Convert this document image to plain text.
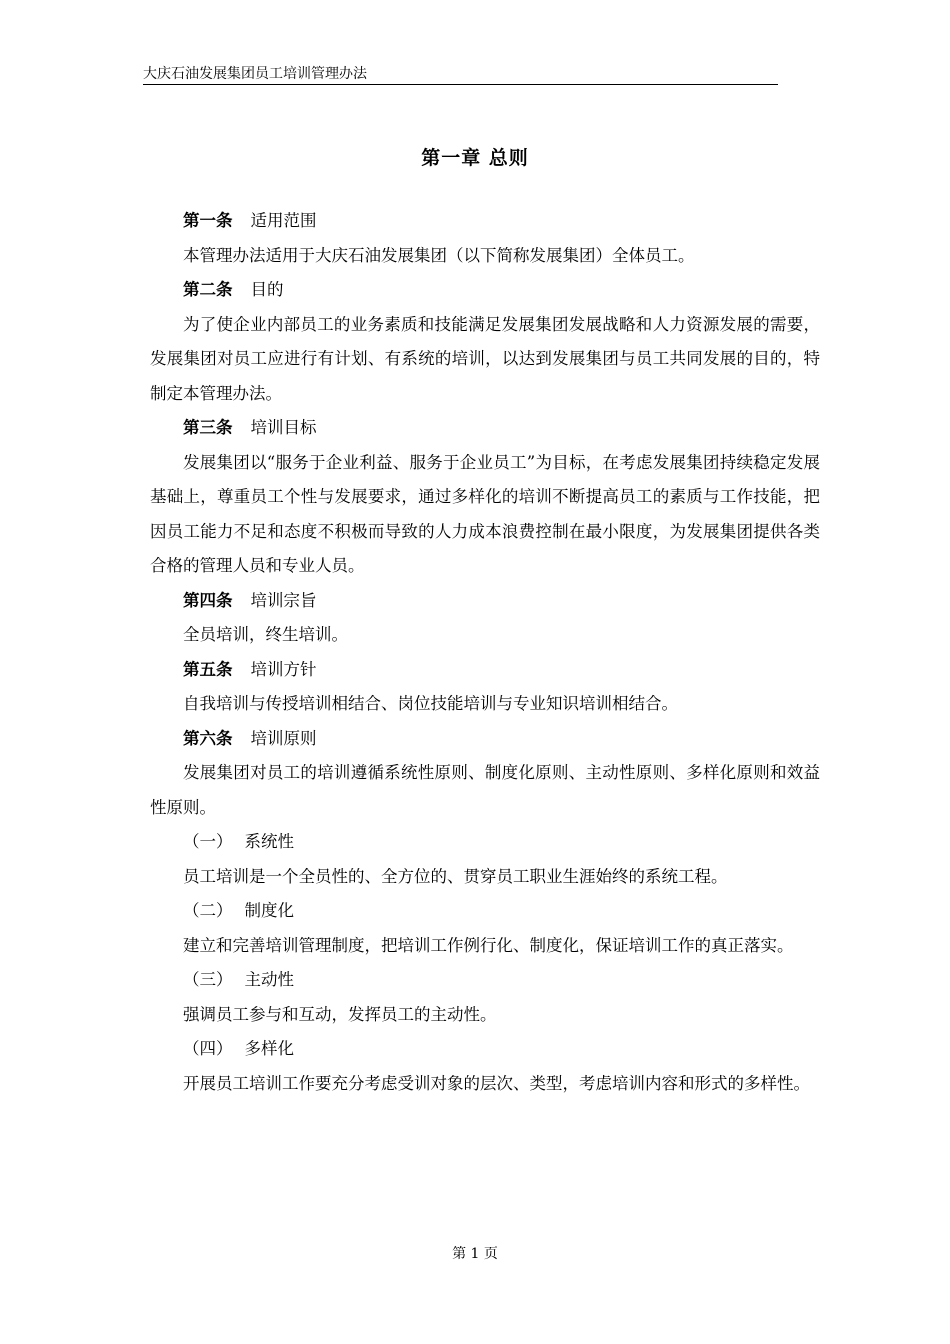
大庆石油发展集团员工培训管理办法
第一章 总则

第一条 适用范围

本管理办法适用于大庆石油发展集团（以下简称发展集团）全体员工。

第二条 目的

为了使企业内部员工的业务素质和技能满足发展集团发展战略和人力资源发展的需要，发展集团对员工应进行有计划、有系统的培训，以达到发展集团与员工共同发展的目的，特制定本管理办法。

第三条 培训目标

发展集团以“服务于企业利益、服务于企业员工”为目标，在考虑发展集团持续稳定发展基础上，尊重员工个性与发展要求，通过多样化的培训不断提高员工的素质与工作技能，把因员工能力不足和态度不积极而导致的人力成本浪费控制在最小限度，为发展集团提供各类合格的管理人员和专业人员。

第四条 培训宗旨

全员培训，终生培训。

第五条 培训方针

自我培训与传授培训相结合、岗位技能培训与专业知识培训相结合。

第六条 培训原则

发展集团对员工的培训遵循系统性原则、制度化原则、主动性原则、多样化原则和效益性原则。

（一） 系统性

员工培训是一个全员性的、全方位的、贯穿员工职业生涯始终的系统工程。

（二） 制度化

建立和完善培训管理制度，把培训工作例行化、制度化，保证培训工作的真正落实。

（三） 主动性

强调员工参与和互动，发挥员工的主动性。

（四） 多样化

开展员工培训工作要充分考虑受训对象的层次、类型，考虑培训内容和形式的多样性。

第 1 页
